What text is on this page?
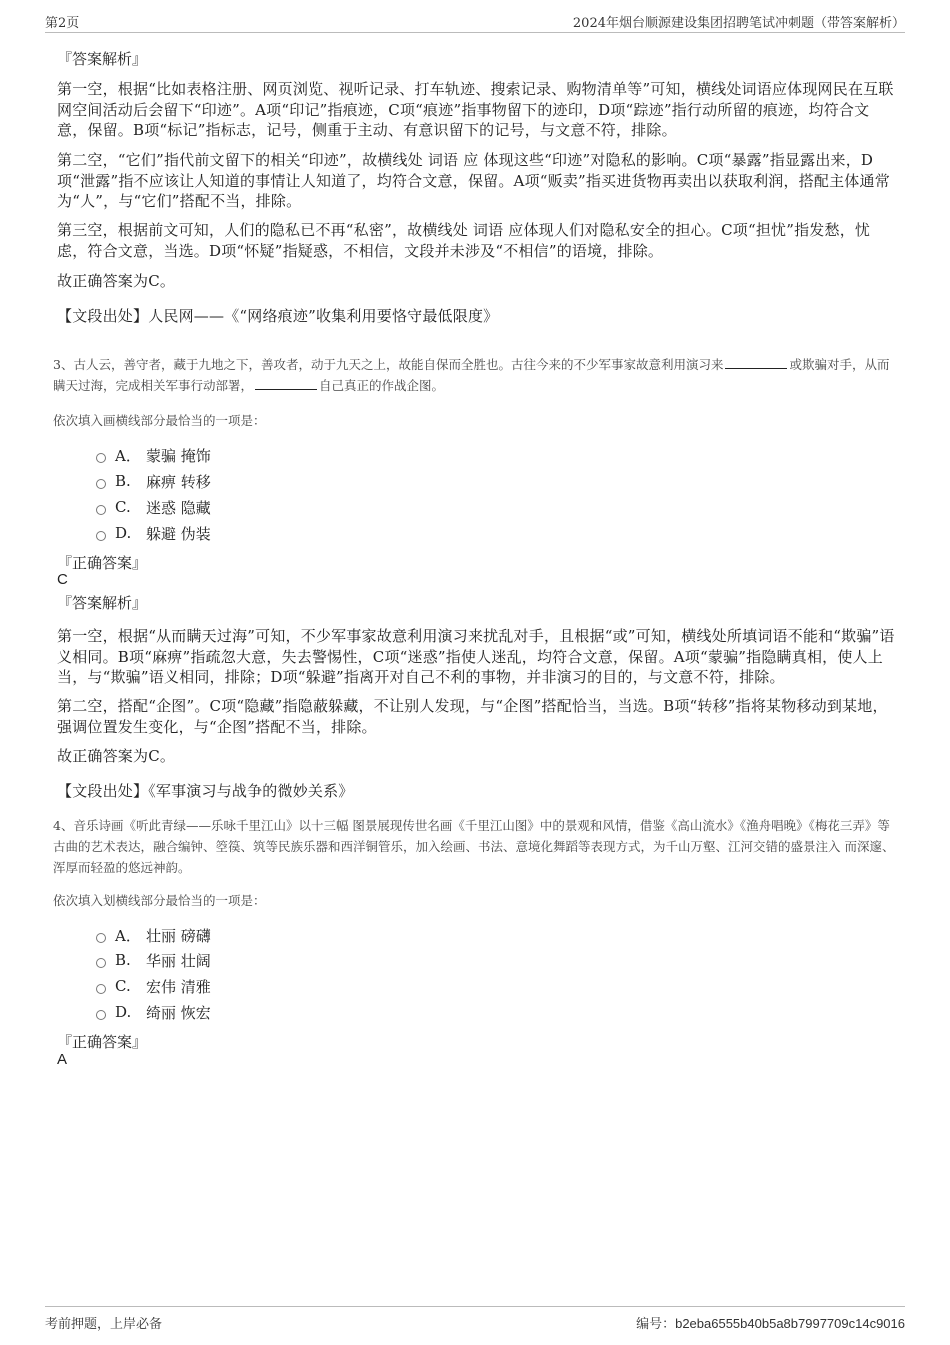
第2页	2024年烟台顺源建设集团招聘笔试冲刺题（带答案解析）
『答案解析』
第一空，根据“比如表格注册、网页浏览、视听记录、打车轨迹、搜索记录、购物清单等”可知，横线处词语应体现网民在互联网空间活动后会留下“印迹”。A项“印记”指痕迹，C项“痕迹”指事物留下的迹印，D项“踪迹”指行动所留的痕迹，均符合文意，保留。B项“标记”指标志，记号，侧重于主动、有意识留下的记号，与文意不符，排除。
第二空，“它们”指代前文留下的相关“印迹”，故横线处 词语 应 体现这些“印迹”对隐私的影响。C项“暴露”指显露出来，D项“泄露”指不应该让人知道的事情让人知道了，均符合文意，保留。A项“贩卖”指买进货物再卖出以获取利润，搭配主体通常为“人”，与“它们”搭配不当，排除。
第三空，根据前文可知，人们的隐私已不再“私密”，故横线处 词语 应体现人们对隐私安全的担心。C项“担忧”指发愁，忧虑，符合文意，当选。D项“怀疑”指疑惑，不相信，文段并未涉及“不相信”的语境，排除。
故正确答案为C。
【文段出处】人民网——《“网络痕迹”收集利用要恪守最低限度》
3、古人云，善守者，藏于九地之下，善攻者，动于九天之上，故能自保而全胜也。古往今来的不少军事家故意利用演习来	或欺骗对手，从而瞒天过海，完成相关军事行动部署，	自己真正的作战企图。
依次填入画横线部分最恰当的一项是：
A． 蒙骗 掩饰
B.	麻痹 转移
C.	迷惑 隐藏
D. 躲避 伪装
『正确答案』
C
『答案解析』
第一空，根据“从而瞒天过海”可知，不少军事家故意利用演习来扰乱对手，且根据“或”可知，横线处所填词语不能和“欺骗”语义相同。B项“麻痹”指疏忽大意，失去警惕性，C项“迷惑”指使人迷乱，均符合文意，保留。A项“蒙骗”指隐瞒真相，使人上当，与“欺骗”语义相同，排除；D项“躲避”指离开对自己不利的事物，并非演习的目的，与文意不符，排除。
第二空，搭配“企图”。C项“隐藏”指隐蔽躲藏，不让别人发现，与“企图”搭配恰当，当选。B项“转移”指将某物移动到某地，强调位置发生变化，与“企图”搭配不当，排除。
故正确答案为C。
【文段出处】《军事演习与战争的微妙关系》
4、音乐诗画《听此青绿——乐咏千里江山》以十三幅 图景展现传世名画《千里江山图》中的景观和风情，借鉴《高山流水》《渔舟唱晚》《梅花三弄》等古曲的艺术表达，融合编钟、箜篌、筑等民族乐器和西洋铜管乐，加入绘画、书法、意境化舞蹈等表现方式，为千山万壑、江河交错的盛景注入 而深邃、浑厚而轻盈的悠远神韵。
依次填入划横线部分最恰当的一项是：
A． 壮丽 磅礴
B.	华丽 壮阔
C.	宏伟 清雅
D. 绮丽 恢宏
『正确答案』
A
考前押题，上岸必备	编号：b2eba6555b40b5a8b7997709c14c9016
